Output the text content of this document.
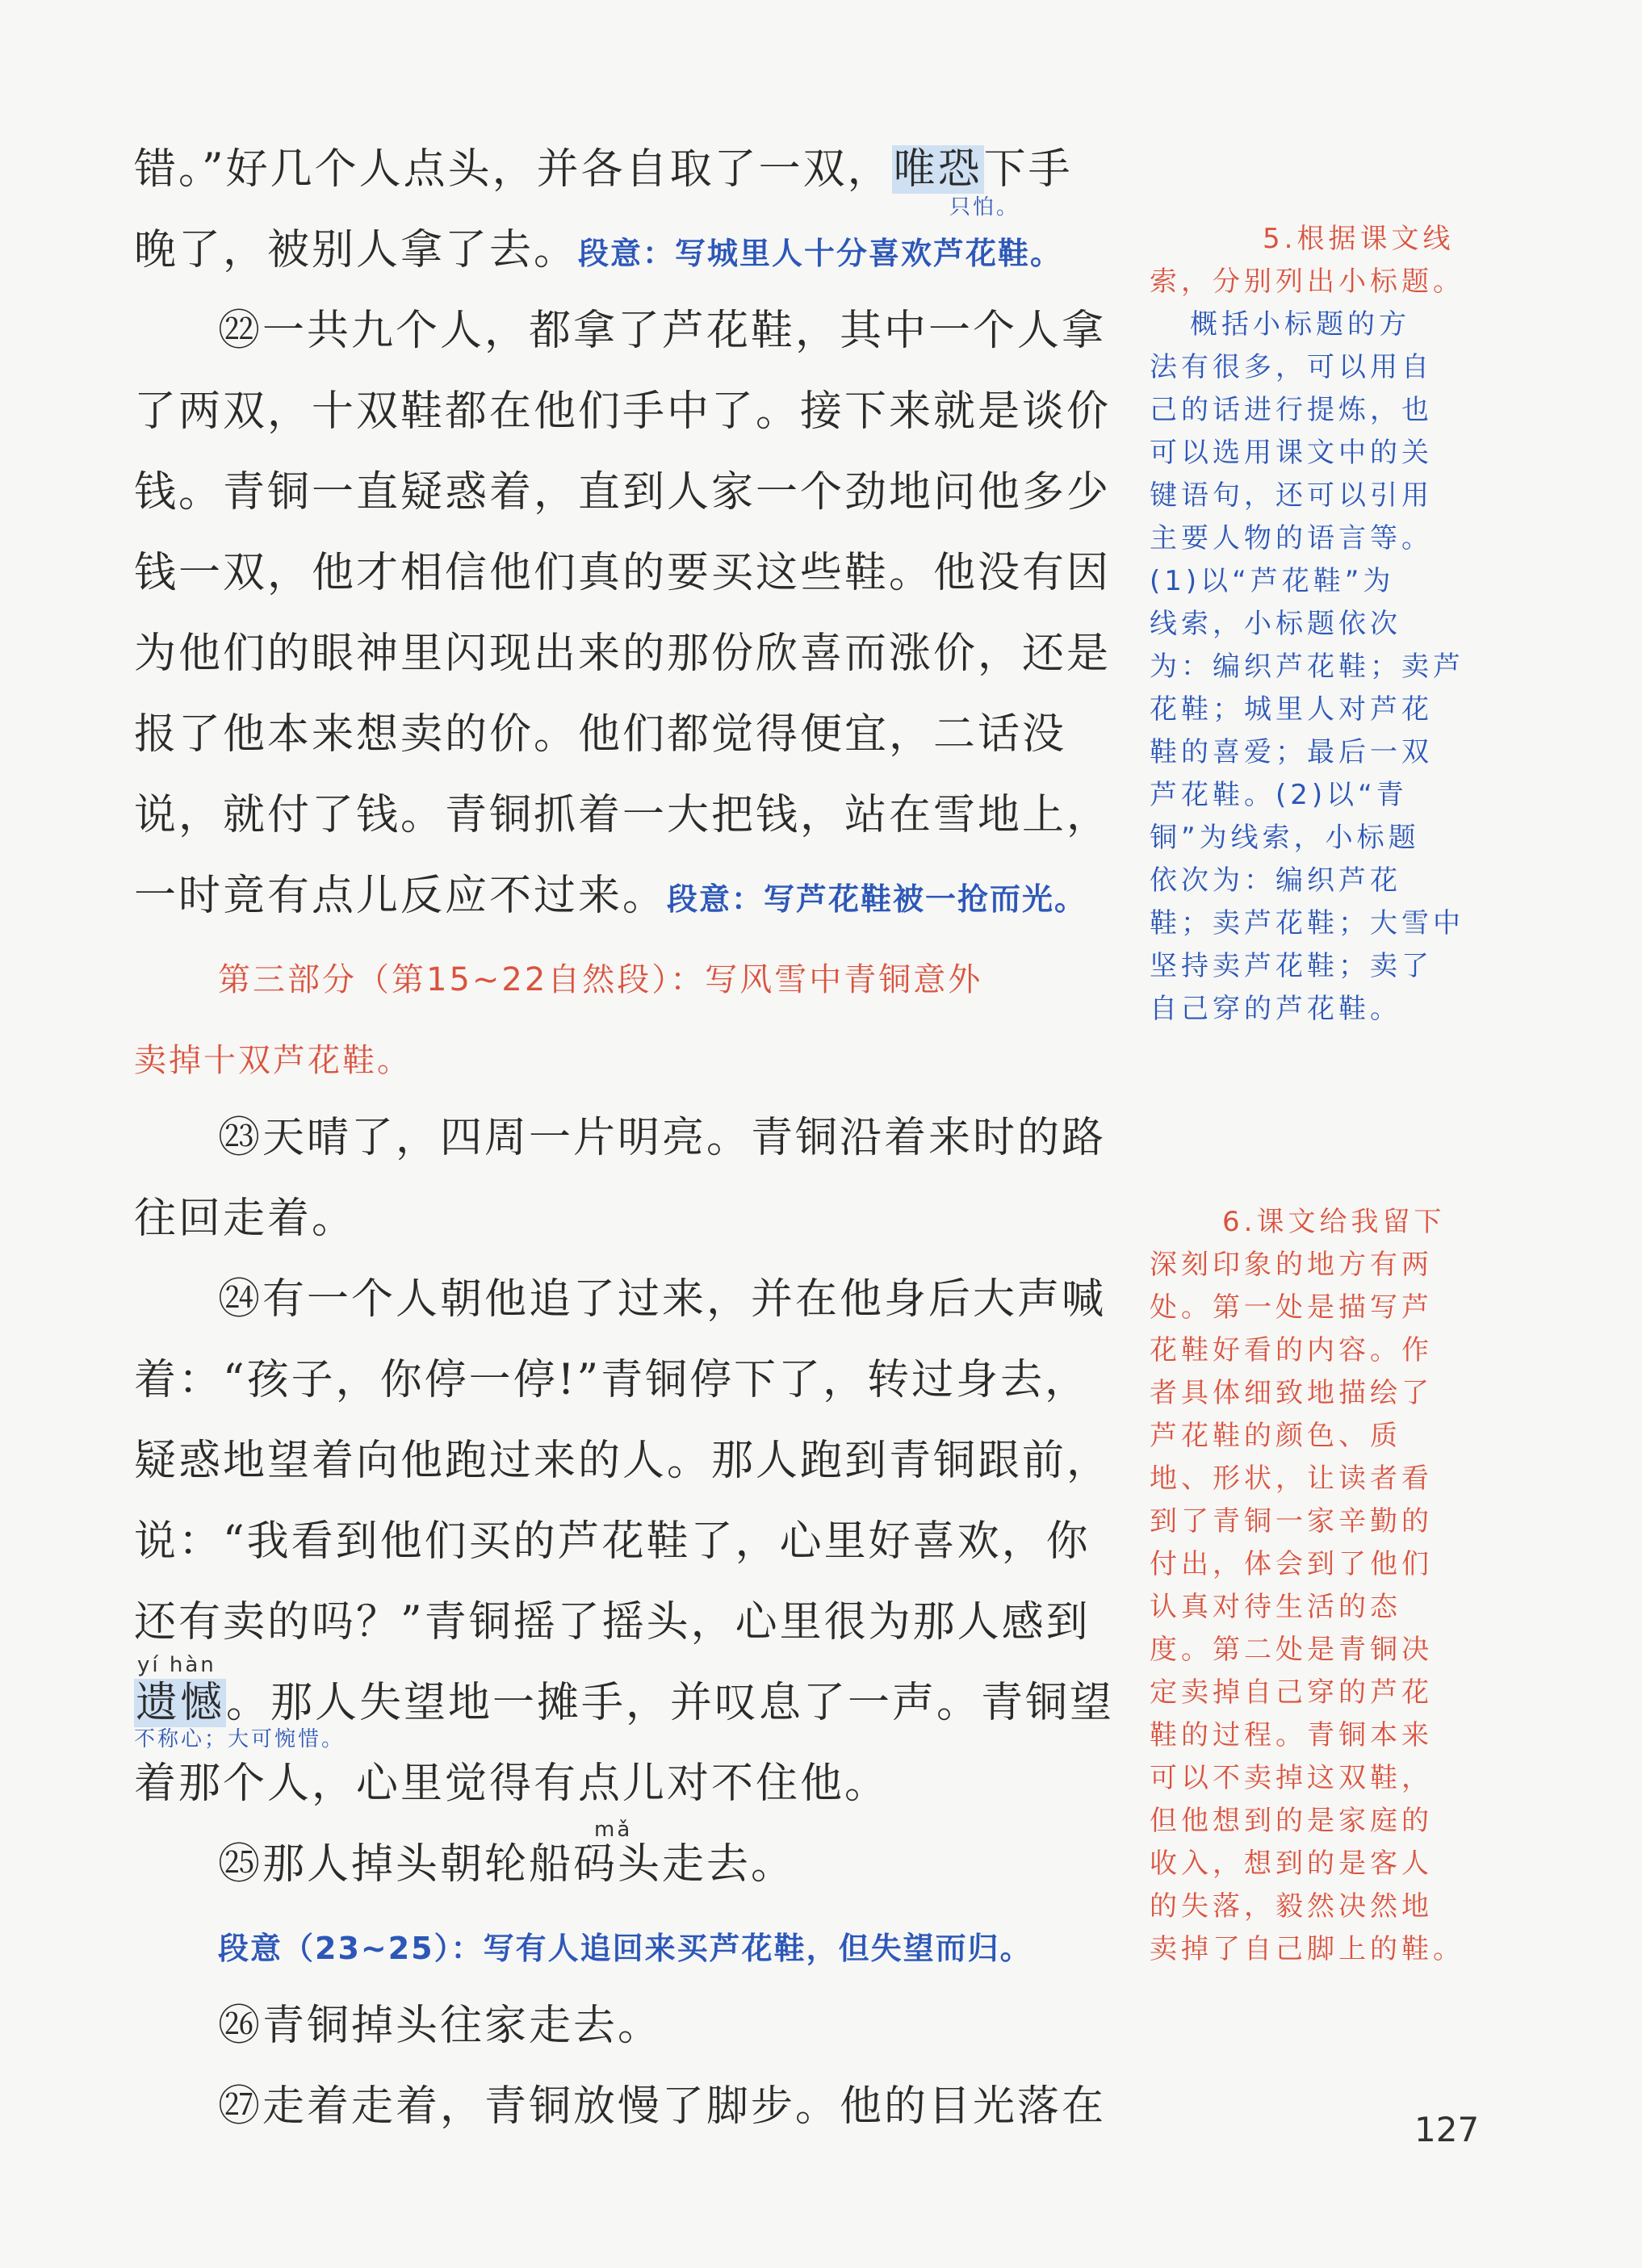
错。”好几个人点头，并各自取了一双，唯恐下手
只怕。
晚了，被别人拿了去。段意：写城里人十分喜欢芦花鞋。
㉒一共九个人，都拿了芦花鞋，其中一个人拿
了两双，十双鞋都在他们手中了。接下来就是谈价
钱。青铜一直疑惑着，直到人家一个劲地问他多少
钱一双，他才相信他们真的要买这些鞋。他没有因
为他们的眼神里闪现出来的那份欣喜而涨价，还是
报了他本来想卖的价。他们都觉得便宜，二话没
说，就付了钱。青铜抓着一大把钱，站在雪地上，
一时竟有点儿反应不过来。段意：写芦花鞋被一抢而光。
第三部分（第15~22自然段）：写风雪中青铜意外
卖掉十双芦花鞋。
㉓天晴了，四周一片明亮。青铜沿着来时的路
往回走着。
㉔有一个人朝他追了过来，并在他身后大声喊
着：“孩子，你停一停!”青铜停下了，转过身去，
疑惑地望着向他跑过来的人。那人跑到青铜跟前，
说：“我看到他们买的芦花鞋了，心里好喜欢，你
还有卖的吗？”青铜摇了摇头，心里很为那人感到
yí hàn
遗憾。那人失望地一摊手，并叹息了一声。青铜望
不称心；大可惋惜。
着那个人，心里觉得有点儿对不住他。
㉕那人掉头朝轮船码头走去。
mǎ
段意（23~25）：写有人追回来买芦花鞋，但失望而归。
㉖青铜掉头往家走去。
㉗走着走着，青铜放慢了脚步。他的目光落在
5.根据课文线
索，分别列出小标题。
概括小标题的方
法有很多，可以用自
己的话进行提炼，也
可以选用课文中的关
键语句，还可以引用
主要人物的语言等。
(1)以“芦花鞋”为
线索，小标题依次
为：编织芦花鞋；卖芦
花鞋；城里人对芦花
鞋的喜爱；最后一双
芦花鞋。(2)以“青
铜”为线索，小标题
依次为：编织芦花
鞋；卖芦花鞋；大雪中
坚持卖芦花鞋；卖了
自己穿的芦花鞋。
6.课文给我留下
深刻印象的地方有两
处。第一处是描写芦
花鞋好看的内容。作
者具体细致地描绘了
芦花鞋的颜色、质
地、形状，让读者看
到了青铜一家辛勤的
付出，体会到了他们
认真对待生活的态
度。第二处是青铜决
定卖掉自己穿的芦花
鞋的过程。青铜本来
可以不卖掉这双鞋，
但他想到的是家庭的
收入，想到的是客人
的失落，毅然决然地
卖掉了自己脚上的鞋。
127
